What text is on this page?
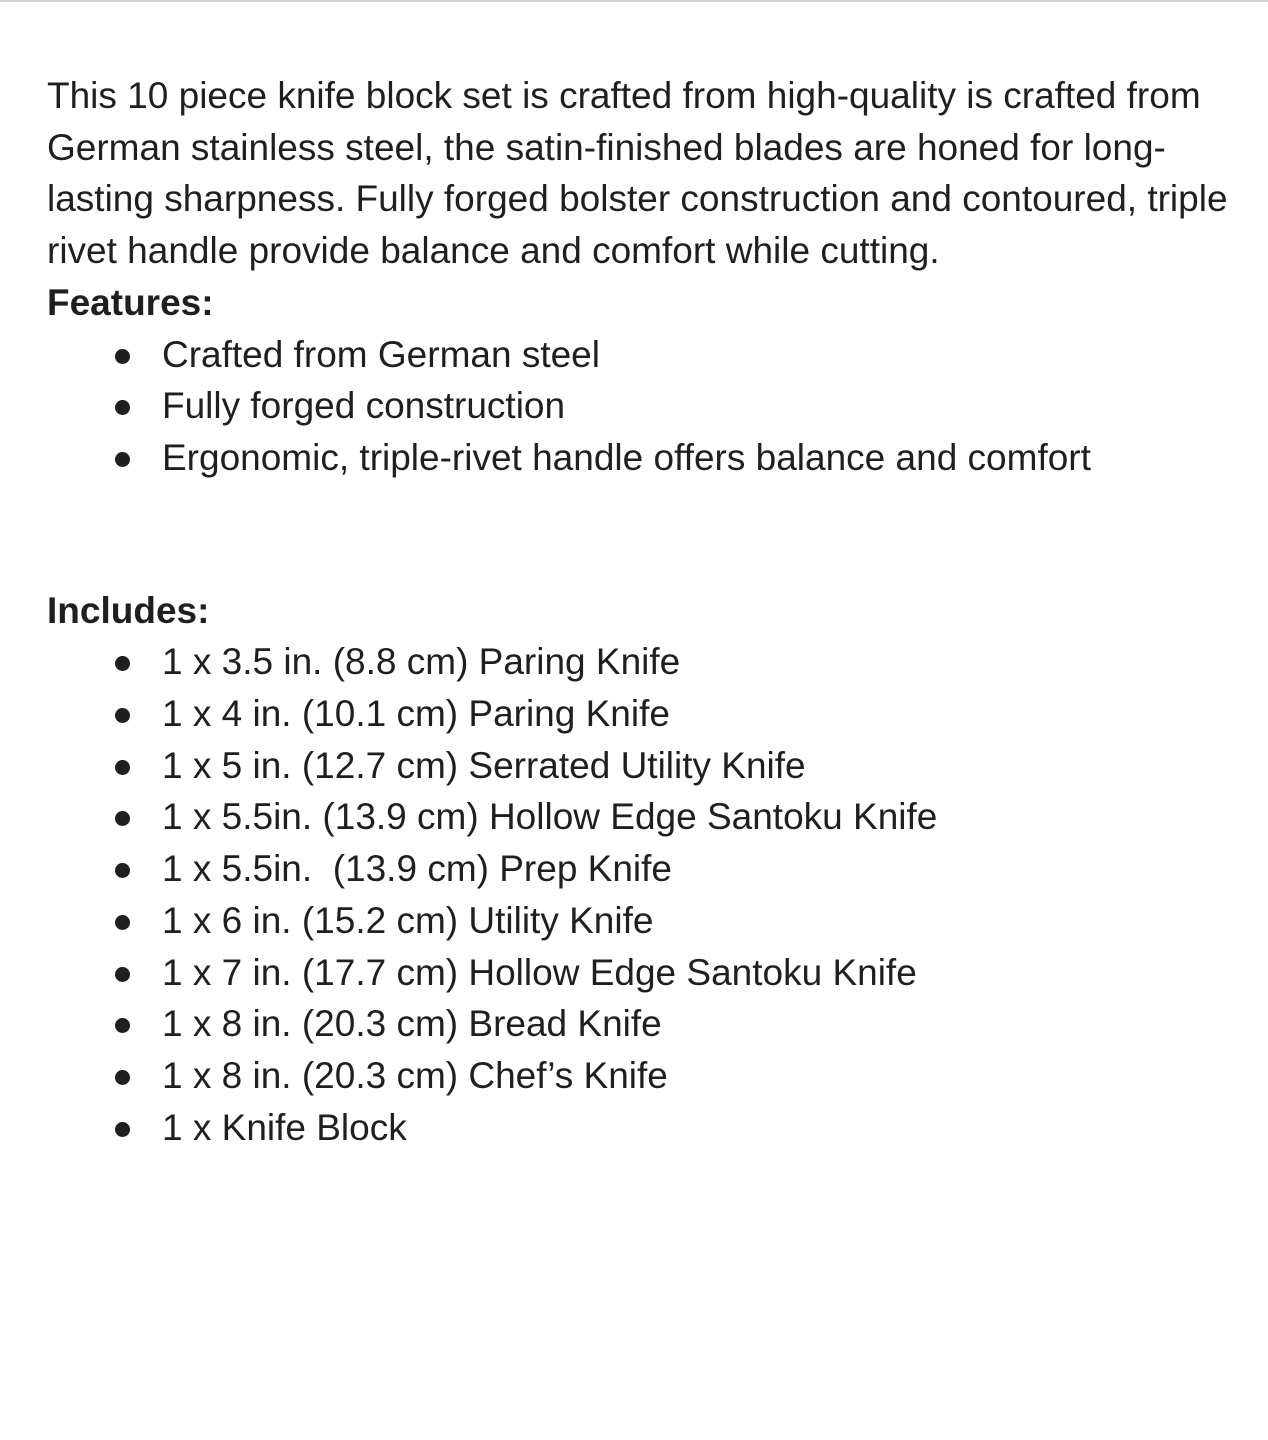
This 10 piece knife block set is crafted from high-quality is crafted from German stainless steel, the satin-finished blades are honed for long-lasting sharpness. Fully forged bolster construction and contoured, triple rivet handle provide balance and comfort while cutting.

Features:
Crafted from German steel
Fully forged construction
Ergonomic, triple-rivet handle offers balance and comfort
Includes:
1 x 3.5 in. (8.8 cm) Paring Knife
1 x 4 in. (10.1 cm) Paring Knife
1 x 5 in. (12.7 cm) Serrated Utility Knife
1 x 5.5in. (13.9 cm) Hollow Edge Santoku Knife
1 x 5.5in.  (13.9 cm) Prep Knife
1 x 6 in. (15.2 cm) Utility Knife
1 x 7 in. (17.7 cm) Hollow Edge Santoku Knife
1 x 8 in. (20.3 cm) Bread Knife
1 x 8 in. (20.3 cm) Chef’s Knife
1 x Knife Block
